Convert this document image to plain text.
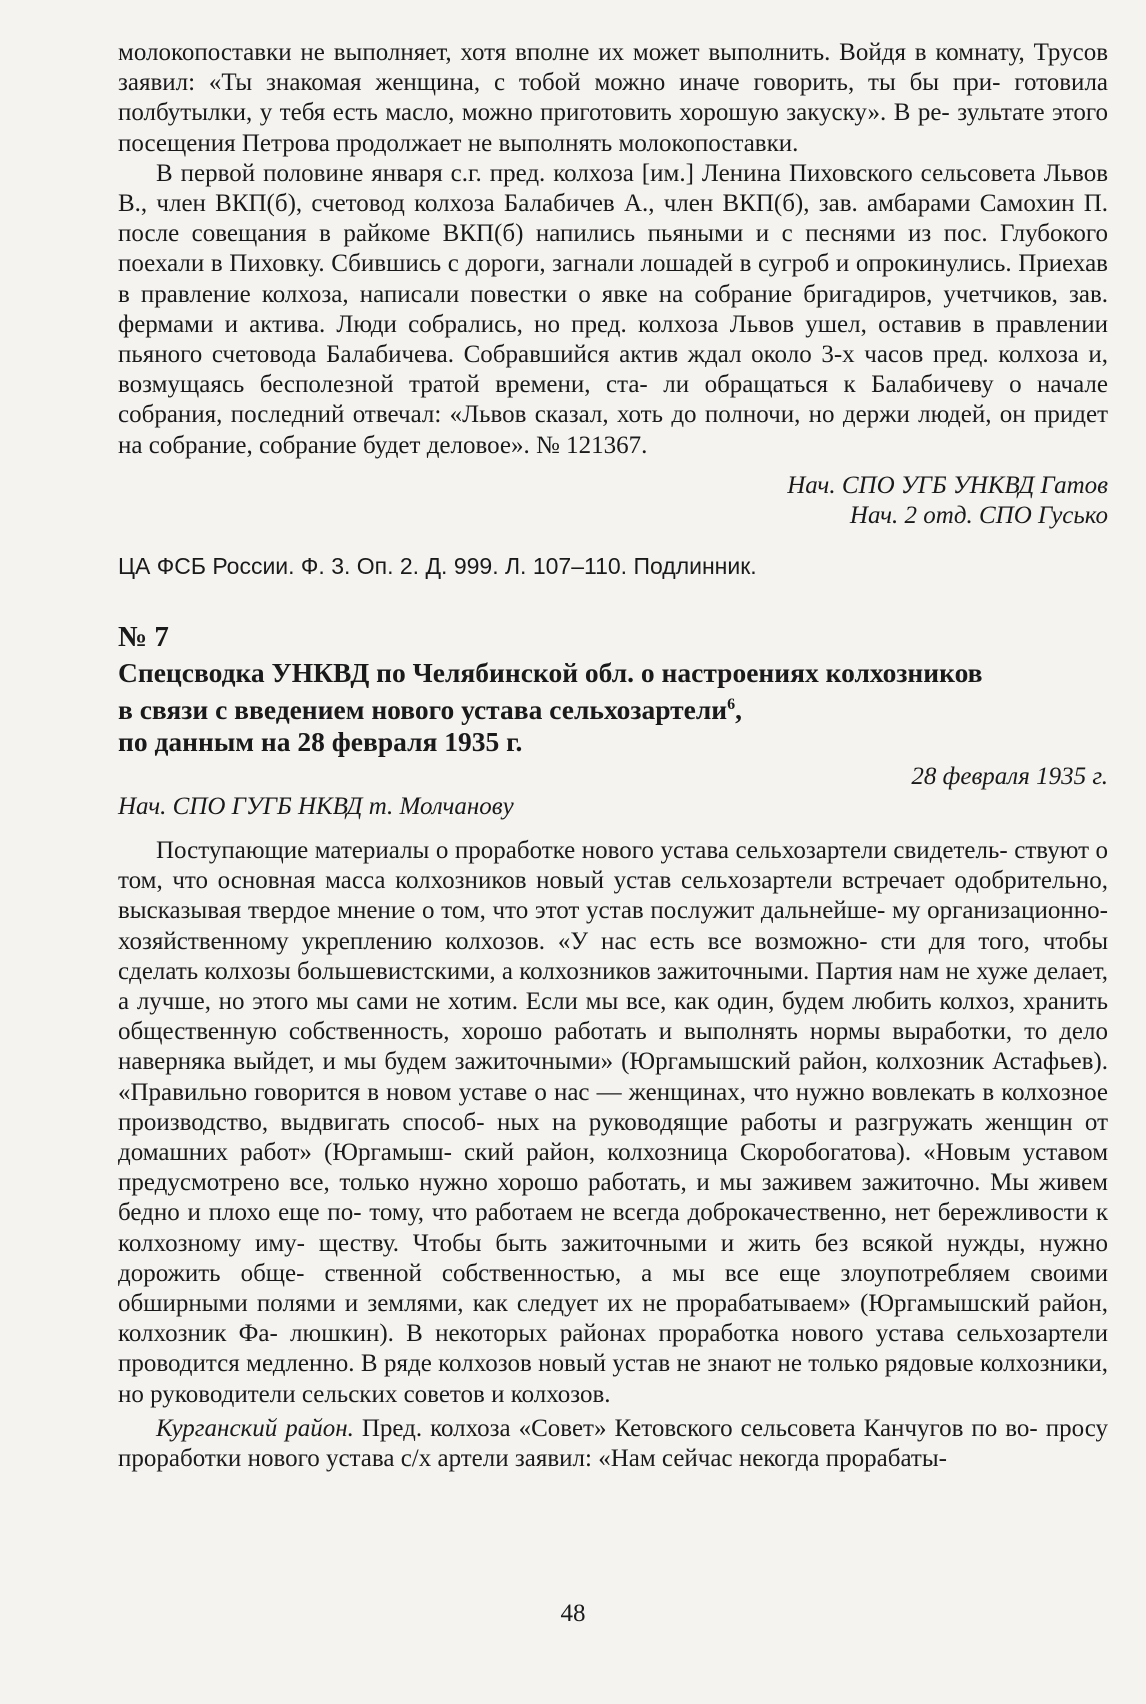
молокопоставки не выполняет, хотя вполне их может выполнить. Войдя в комнату, Трусов заявил: «Ты знакомая женщина, с тобой можно иначе говорить, ты бы при- готовила полбутылки, у тебя есть масло, можно приготовить хорошую закуску». В ре- зультате этого посещения Петрова продолжает не выполнять молокопоставки.

В первой половине января с.г. пред. колхоза [им.] Ленина Пиховского сельсовета Львов В., член ВКП(б), счетовод колхоза Балабичев А., член ВКП(б), зав. амбарами Самохин П. после совещания в райкоме ВКП(б) напились пьяными и с песнями из пос. Глубокого поехали в Пиховку. Сбившись с дороги, загнали лошадей в сугроб и опрокинулись. Приехав в правление колхоза, написали повестки о явке на собрание бригадиров, учетчиков, зав. фермами и актива. Люди собрались, но пред. колхоза Львов ушел, оставив в правлении пьяного счетовода Балабичева. Собравшийся актив ждал около 3-х часов пред. колхоза и, возмущаясь бесполезной тратой времени, ста- ли обращаться к Балабичеву о начале собрания, последний отвечал: «Львов сказал, хоть до полночи, но держи людей, он придет на собрание, собрание будет деловое». № 121367.

Нач. СПО УГБ УНКВД Гатов

Нач. 2 отд. СПО Гусько

ЦА ФСБ России. Ф. 3. Оп. 2. Д. 999. Л. 107–110. Подлинник.

№ 7

Спецсводка УНКВД по Челябинской обл. о настроениях колхозников
в связи с введением нового устава сельхозартели$^6$,
по данным на 28 февраля 1935 г.

28 февраля 1935 г.

Нач. СПО ГУГБ НКВД т. Молчанову

Поступающие материалы о проработке нового устава сельхозартели свидетель- ствуют о том, что основная масса колхозников новый устав сельхозартели встречает одобрительно, высказывая твердое мнение о том, что этот устав послужит дальнейше- му организационно-хозяйственному укреплению колхозов. «У нас есть все возможно- сти для того, чтобы сделать колхозы большевистскими, а колхозников зажиточными. Партия нам не хуже делает, а лучше, но этого мы сами не хотим. Если мы все, как один, будем любить колхоз, хранить общественную собственность, хорошо работать и выполнять нормы выработки, то дело наверняка выйдет, и мы будем зажиточными» (Юргамышский район, колхозник Астафьев). «Правильно говорится в новом уставе о нас — женщинах, что нужно вовлекать в колхозное производство, выдвигать способ- ных на руководящие работы и разгружать женщин от домашних работ» (Юргамыш- ский район, колхозница Скоробогатова). «Новым уставом предусмотрено все, только нужно хорошо работать, и мы заживем зажиточно. Мы живем бедно и плохо еще по- тому, что работаем не всегда доброкачественно, нет бережливости к колхозному иму- ществу. Чтобы быть зажиточными и жить без всякой нужды, нужно дорожить обще- ственной собственностью, а мы все еще злоупотребляем своими обширными полями и землями, как следует их не прорабатываем» (Юргамышский район, колхозник Фа- люшкин). В некоторых районах проработка нового устава сельхозартели проводится медленно. В ряде колхозов новый устав не знают не только рядовые колхозники, но руководители сельских советов и колхозов.

Курганский район. Пред. колхоза «Совет» Кетовского сельсовета Канчугов по во- просу проработки нового устава с/х артели заявил: «Нам сейчас некогда прорабаты-

48
